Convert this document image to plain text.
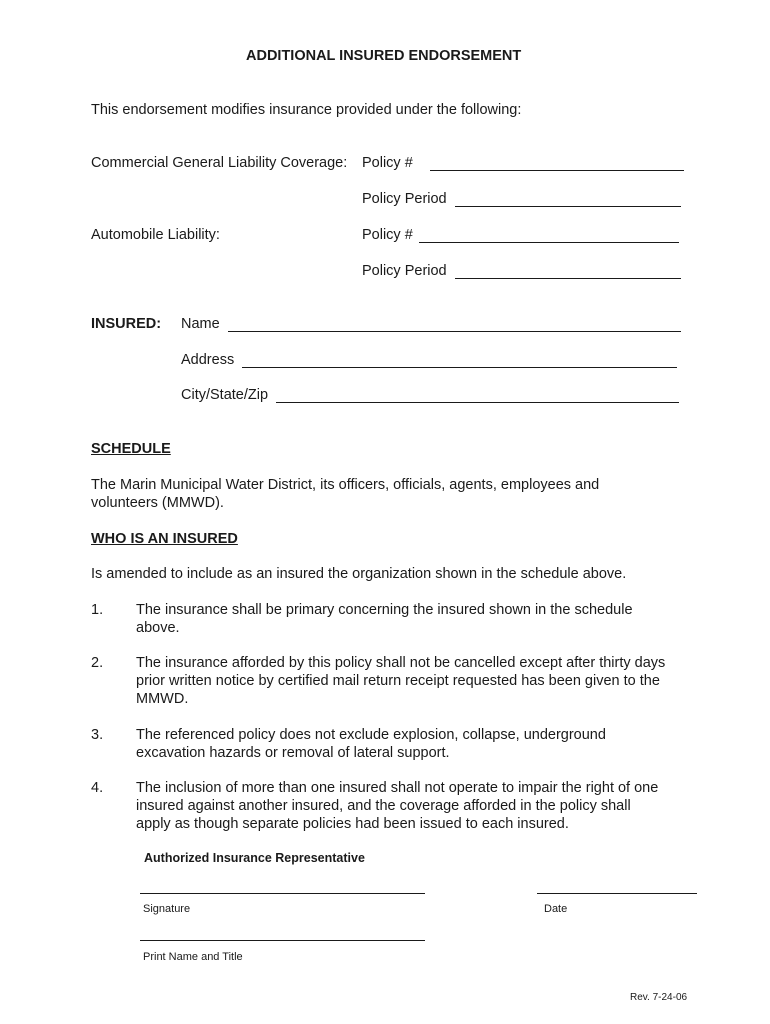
ADDITIONAL INSURED ENDORSEMENT
This endorsement modifies insurance provided under the following:
Commercial General Liability Coverage: Policy #
Policy Period
Automobile Liability:	Policy #
Policy Period
INSURED: Name
Address
City/State/Zip
SCHEDULE
The Marin Municipal Water District, its officers, officials, agents, employees and volunteers (MMWD).
WHO IS AN INSURED
Is amended to include as an insured the organization shown in the schedule above.
1. The insurance shall be primary concerning the insured shown in the schedule above.
2. The insurance afforded by this policy shall not be cancelled except after thirty days prior written notice by certified mail return receipt requested has been given to the MMWD.
3. The referenced policy does not exclude explosion, collapse, underground excavation hazards or removal of lateral support.
4. The inclusion of more than one insured shall not operate to impair the right of one insured against another insured, and the coverage afforded in the policy shall apply as though separate policies had been issued to each insured.
Authorized Insurance Representative
Signature	Date
Print Name and Title
Rev. 7-24-06
